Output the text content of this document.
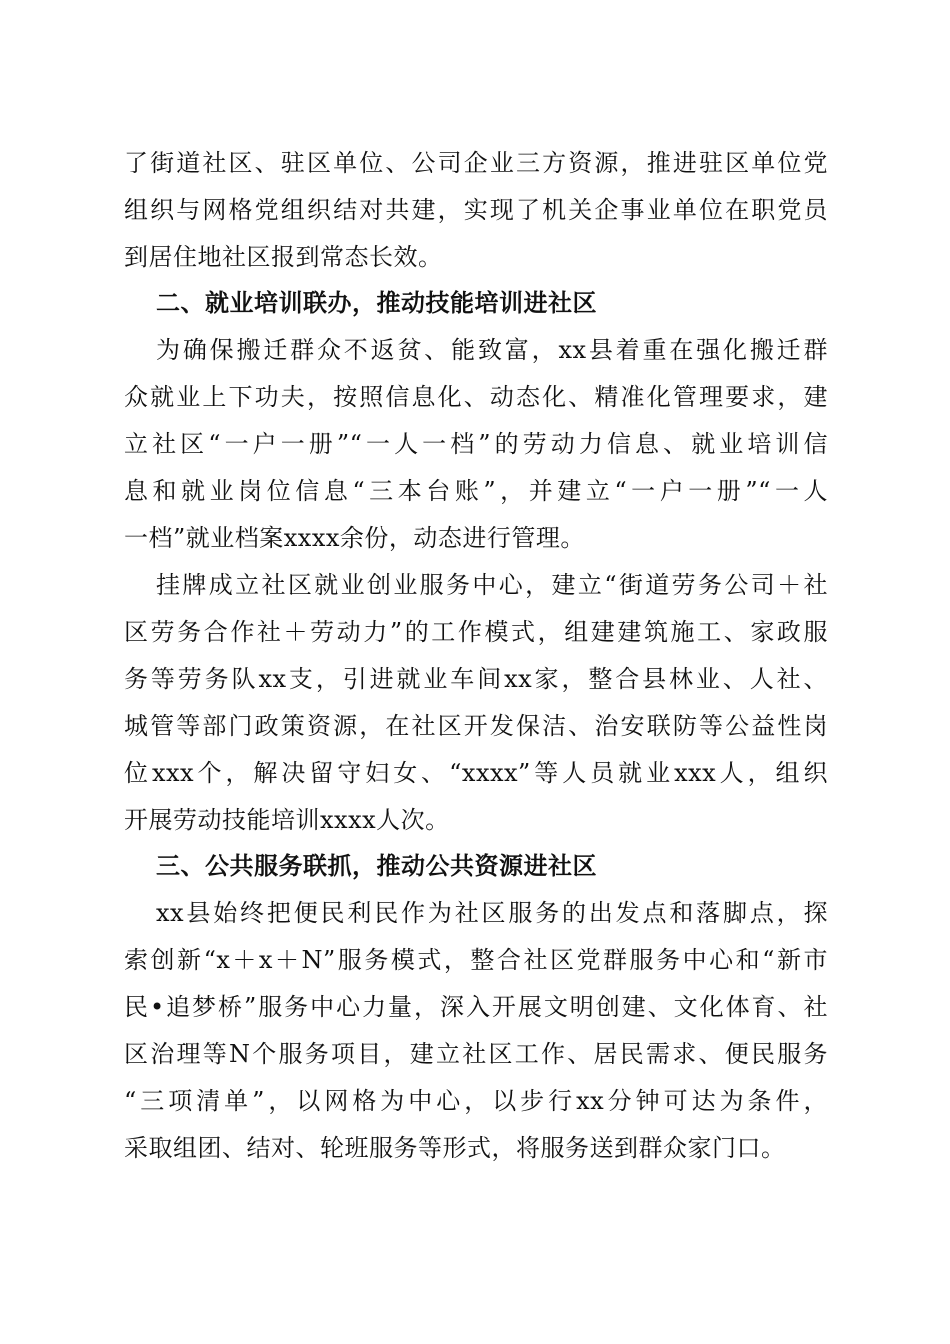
了街道社区、驻区单位、公司企业三方资源，推进驻区单位党
组织与网格党组织结对共建，实现了机关企事业单位在职党员
到居住地社区报到常态长效。
二、就业培训联办，推动技能培训进社区
为确保搬迁群众不返贫、能致富，xx县着重在强化搬迁群
众就业上下功夫，按照信息化、动态化、精准化管理要求，建
立社区“一户一册”“一人一档”的劳动力信息、就业培训信
息和就业岗位信息“三本台账”，并建立“一户一册”“一人
一档”就业档案xxxx余份，动态进行管理。
挂牌成立社区就业创业服务中心，建立“街道劳务公司＋社
区劳务合作社＋劳动力”的工作模式，组建建筑施工、家政服
务等劳务队xx支，引进就业车间xx家，整合县林业、人社、
城管等部门政策资源，在社区开发保洁、治安联防等公益性岗
位xxx个，解决留守妇女、“xxxx”等人员就业xxx人，组织
开展劳动技能培训xxxx人次。
三、公共服务联抓，推动公共资源进社区
xx县始终把便民利民作为社区服务的出发点和落脚点，探
索创新“x＋x＋N”服务模式，整合社区党群服务中心和“新市
民•追梦桥”服务中心力量，深入开展文明创建、文化体育、社
区治理等N个服务项目，建立社区工作、居民需求、便民服务
“三项清单”，以网格为中心，以步行xx分钟可达为条件，
采取组团、结对、轮班服务等形式，将服务送到群众家门口。
